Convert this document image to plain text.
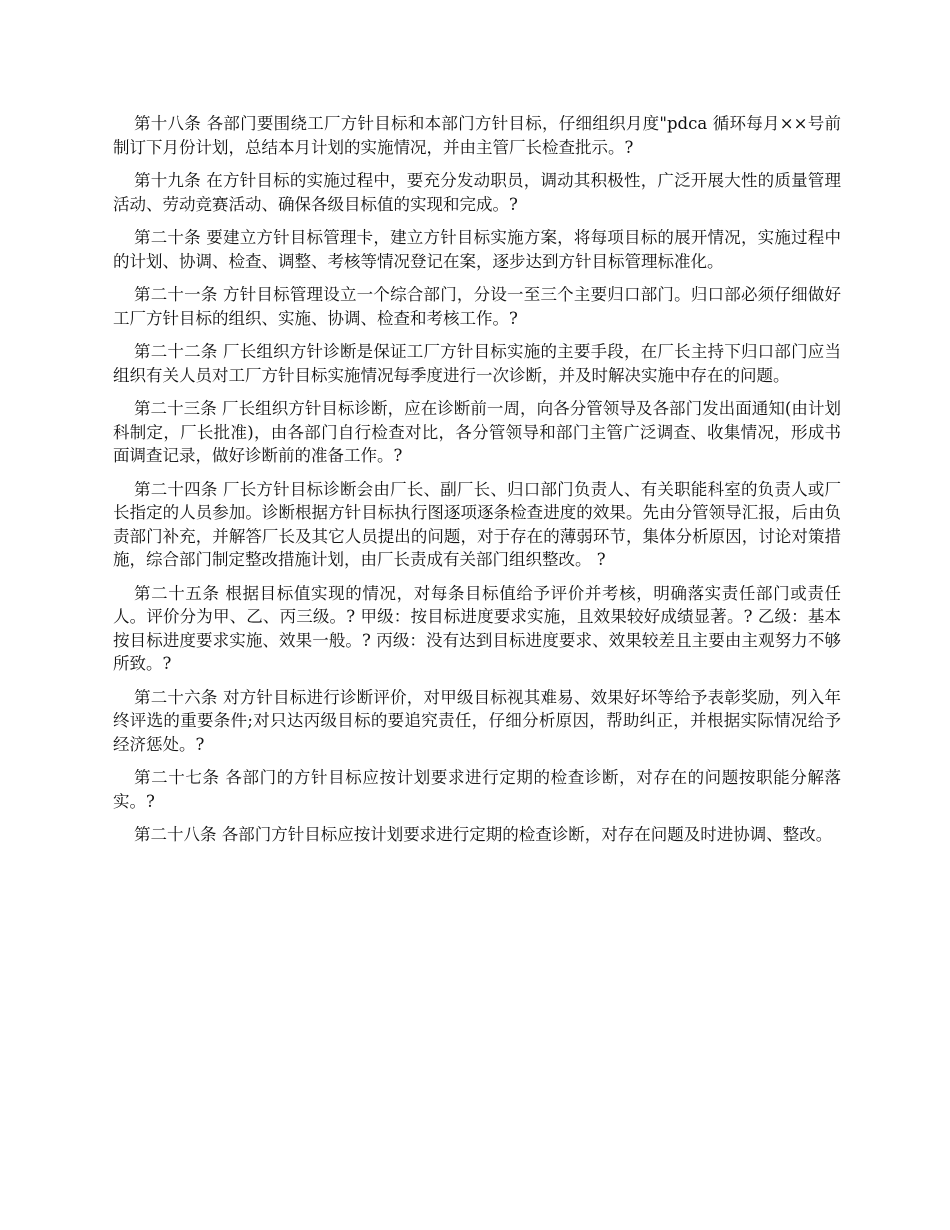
第十八条 各部门要围绕工厂方针目标和本部门方针目标，仔细组织月度"pdca 循环每月××号前制订下月份计划，总结本月计划的实施情况，并由主管厂长检查批示。?

第十九条 在方针目标的实施过程中，要充分发动职员，调动其积极性，广泛开展大性的质量管理活动、劳动竞赛活动、确保各级目标值的实现和完成。?

第二十条 要建立方针目标管理卡，建立方针目标实施方案，将每项目标的展开情况，实施过程中的计划、协调、检查、调整、考核等情况登记在案，逐步达到方针目标管理标准化。

第二十一条 方针目标管理设立一个综合部门，分设一至三个主要归口部门。归口部必须仔细做好工厂方针目标的组织、实施、协调、检查和考核工作。?

第二十二条 厂长组织方针诊断是保证工厂方针目标实施的主要手段，在厂长主持下归口部门应当组织有关人员对工厂方针目标实施情况每季度进行一次诊断，并及时解决实施中存在的问题。

第二十三条 厂长组织方针目标诊断，应在诊断前一周，向各分管领导及各部门发出面通知(由计划科制定，厂长批准)，由各部门自行检查对比，各分管领导和部门主管广泛调查、收集情况，形成书面调查记录，做好诊断前的准备工作。?

第二十四条 厂长方针目标诊断会由厂长、副厂长、归口部门负责人、有关职能科室的负责人或厂长指定的人员参加。诊断根据方针目标执行图逐项逐条检查进度的效果。先由分管领导汇报，后由负责部门补充，并解答厂长及其它人员提出的问题，对于存在的薄弱环节，集体分析原因，讨论对策措施，综合部门制定整改措施计划，由厂长责成有关部门组织整改。 ?

第二十五条 根据目标值实现的情况，对每条目标值给予评价并考核，明确落实责任部门或责任人。评价分为甲、乙、丙三级。? 甲级：按目标进度要求实施，且效果较好成绩显著。? 乙级：基本按目标进度要求实施、效果一般。? 丙级：没有达到目标进度要求、效果较差且主要由主观努力不够所致。?

第二十六条 对方针目标进行诊断评价，对甲级目标视其难易、效果好坏等给予表彰奖励，列入年终评选的重要条件;对只达丙级目标的要追究责任，仔细分析原因，帮助纠正，并根据实际情况给予经济惩处。?

第二十七条 各部门的方针目标应按计划要求进行定期的检查诊断，对存在的问题按职能分解落实。?

第二十八条 各部门方针目标应按计划要求进行定期的检查诊断，对存在问题及时进协调、整改。
